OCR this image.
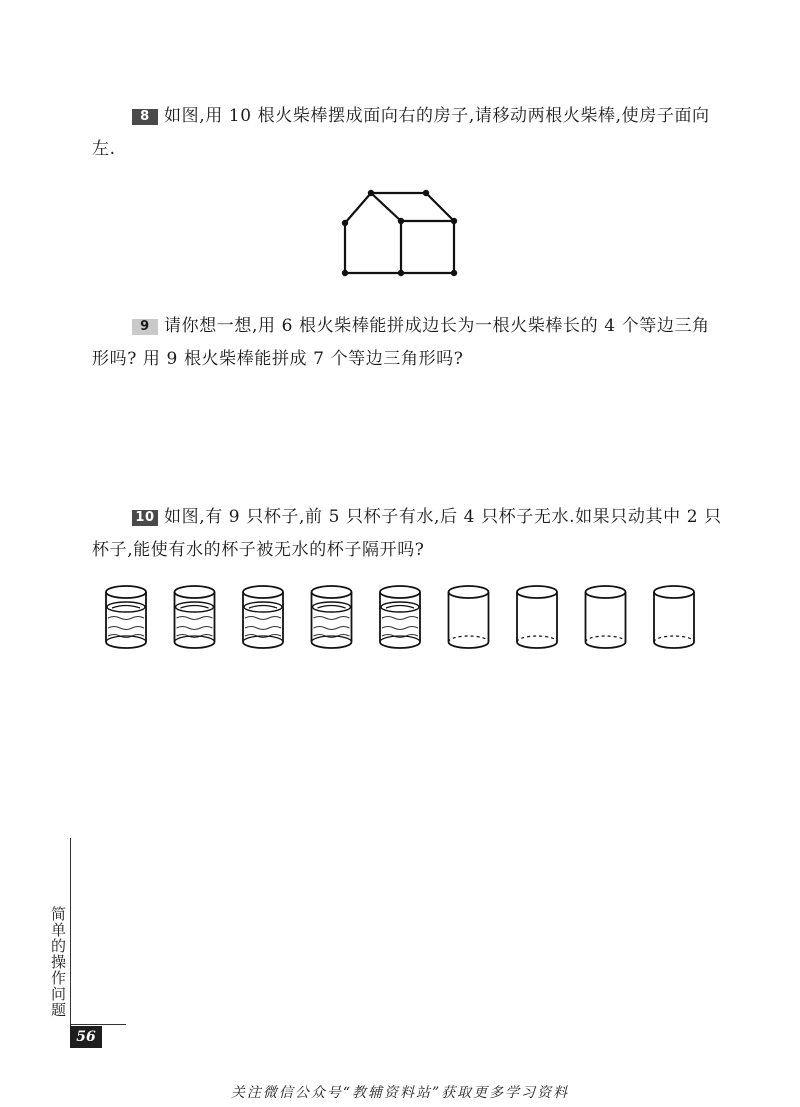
8 如图,用 10 根火柴棒摆成面向右的房子,请移动两根火柴棒,使房子面向左.
9 请你想一想,用 6 根火柴棒能拼成边长为一根火柴棒长的 4 个等边三角形吗? 用 9 根火柴棒能拼成 7 个等边三角形吗?
10 如图,有 9 只杯子,前 5 只杯子有水,后 4 只杯子无水.如果只动其中 2 只杯子,能使有水的杯子被无水的杯子隔开吗?
简单的操作问题
56
关注微信公众号“教辅资料站”获取更多学习资料
